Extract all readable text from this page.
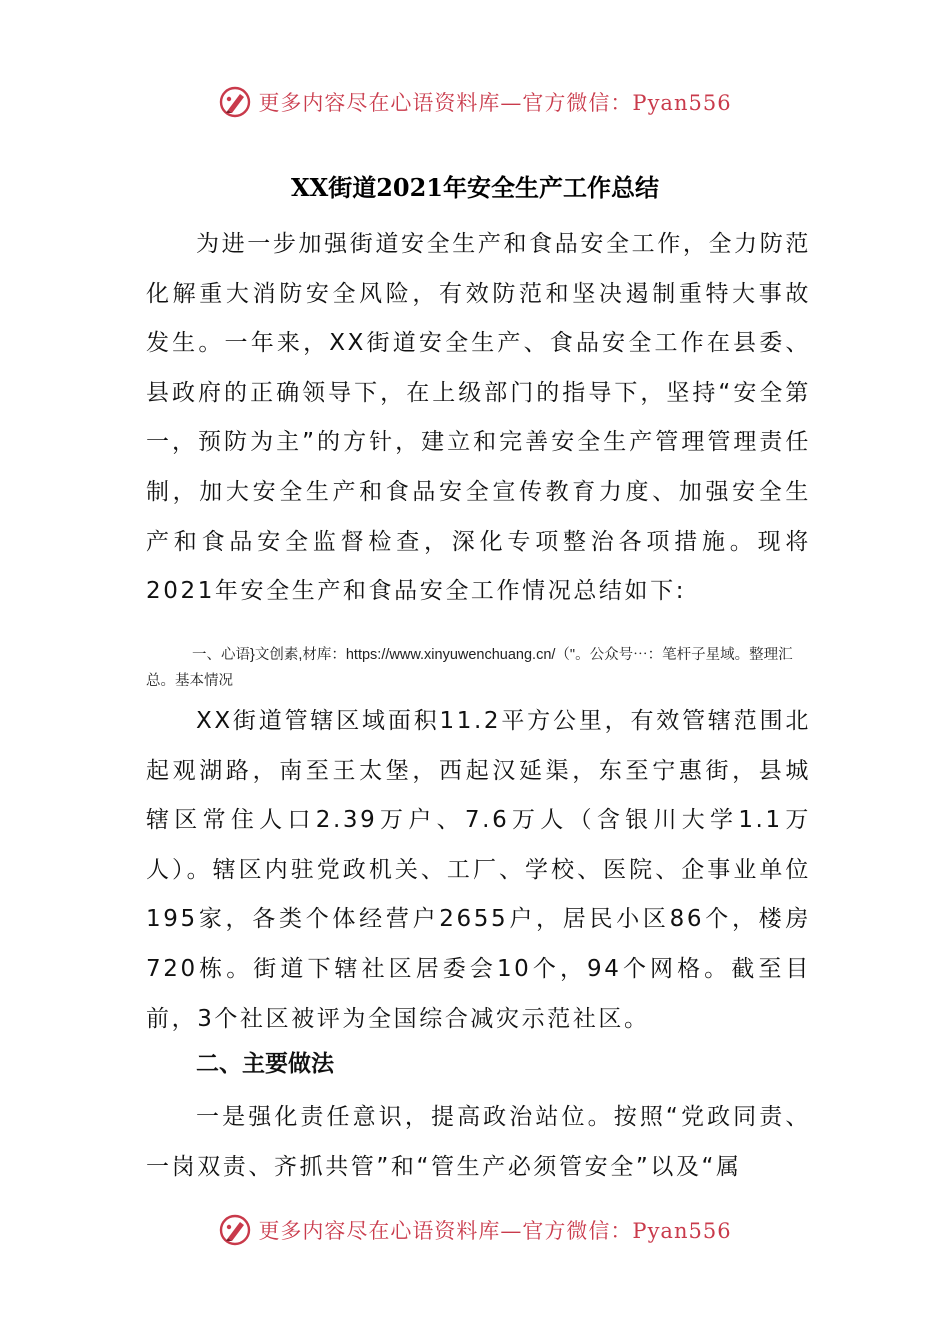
更多内容尽在心语资料库—官方微信：Pyan556
XX街道2021年安全生产工作总结
为进一步加强街道安全生产和食品安全工作，全力防范化解重大消防安全风险，有效防范和坚决遏制重特大事故发生。一年来，XX街道安全生产、食品安全工作在县委、县政府的正确领导下，在上级部门的指导下，坚持“安全第一，预防为主”的方针，建立和完善安全生产管理管理责任制，加大安全生产和食品安全宣传教育力度、加强安全生产和食品安全监督检查，深化专项整治各项措施。现将2021年安全生产和食品安全工作情况总结如下:
一、心语}文创素,材库：https://www.xinyuwenchuang.cn/（"。公众号⋯：笔杆子星域。整理汇总。基本情况
XX街道管辖区域面积11.2平方公里，有效管辖范围北起观湖路，南至王太堡，西起汉延渠，东至宁惠街，县城辖区常住人口2.39万户、7.6万人（含银川大学1.1万人）。辖区内驻党政机关、工厂、学校、医院、企事业单位195家，各类个体经营户2655户，居民小区86个，楼房720栋。街道下辖社区居委会10个，94个网格。截至目前，3个社区被评为全国综合减灾示范社区。
二、主要做法
一是强化责任意识，提高政治站位。按照“党政同责、一岗双责、齐抓共管”和“管生产必须管安全”以及“属
更多内容尽在心语资料库—官方微信：Pyan556
